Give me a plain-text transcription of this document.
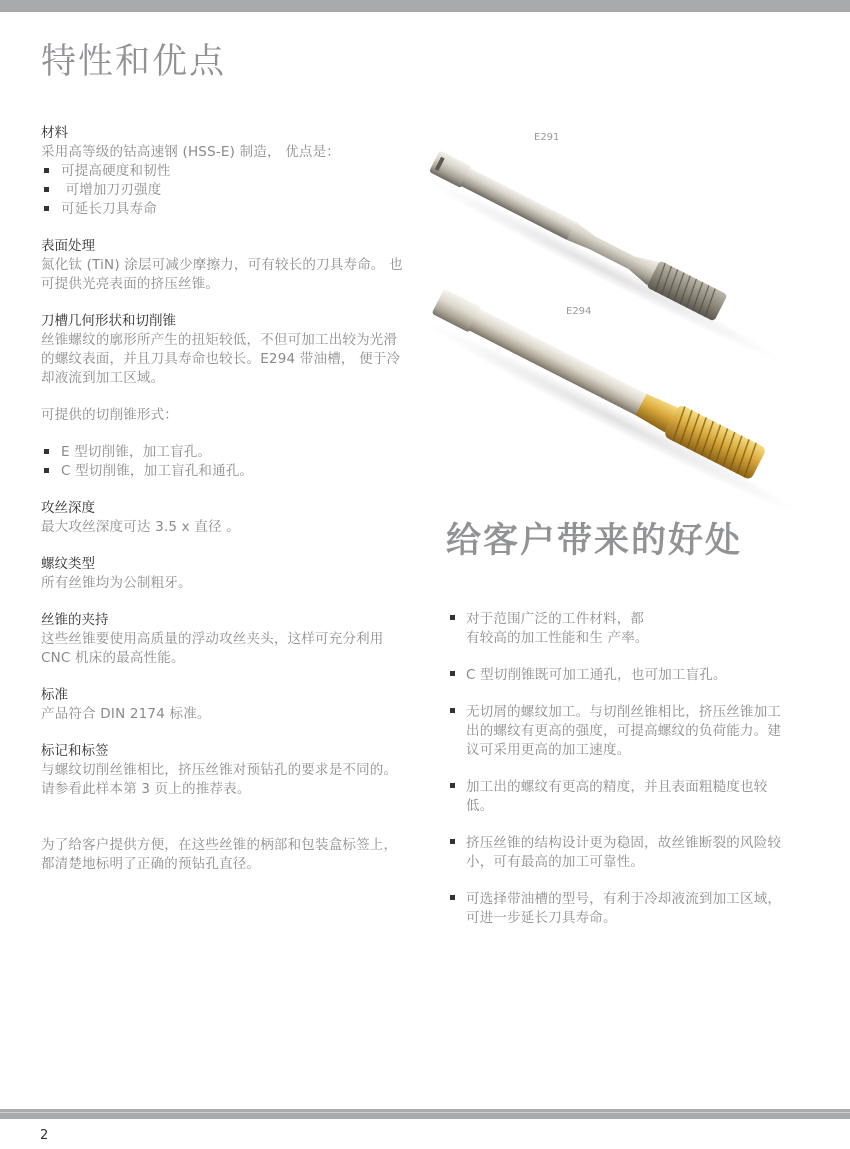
特性和优点
材料

采用高等级的钴高速钢 (HSS-E) 制造， 优点是：

可提高硬度和韧性
可增加刀刃强度
可延长刀具寿命
表面处理

氮化钛 (TiN) 涂层可减少摩擦力，可有较长的刀具寿命。 也可提供光亮表面的挤压丝锥。

刀槽几何形状和切削锥

丝锥螺纹的廓形所产生的扭矩较低，不但可加工出较为光滑的螺纹表面，并且刀具寿命也较长。E294 带油槽， 便于冷却液流到加工区域。

可提供的切削锥形式：

E 型切削锥，加工盲孔。
C 型切削锥，加工盲孔和通孔。
攻丝深度

最大攻丝深度可达 3.5 x 直径 。

螺纹类型

所有丝锥均为公制粗牙。

丝锥的夹持

这些丝锥要使用高质量的浮动攻丝夹头，这样可充分利用 CNC 机床的最高性能。

标准

产品符合 DIN 2174 标准。

标记和标签

与螺纹切削丝锥相比，挤压丝锥对预钻孔的要求是不同的。请参看此样本第 3 页上的推荐表。

为了给客户提供方便，在这些丝锥的柄部和包装盒标签上，都清楚地标明了正确的预钻孔直径。

E291
E294
给客户带来的好处
对于范围广泛的工件材料，都
有较高的加工性能和生 产率。
C 型切削锥既可加工通孔，也可加工盲孔。
无切屑的螺纹加工。与切削丝锥相比，挤压丝锥加工 出的螺纹有更高的强度，可提高螺纹的负荷能力。建议可采用更高的加工速度。
加工出的螺纹有更高的精度，并且表面粗糙度也较低。
挤压丝锥的结构设计更为稳固，故丝锥断裂的风险较 小，可有最高的加工可靠性。
可选择带油槽的型号，有利于冷却液流到加工区域， 可进一步延长刀具寿命。
2
